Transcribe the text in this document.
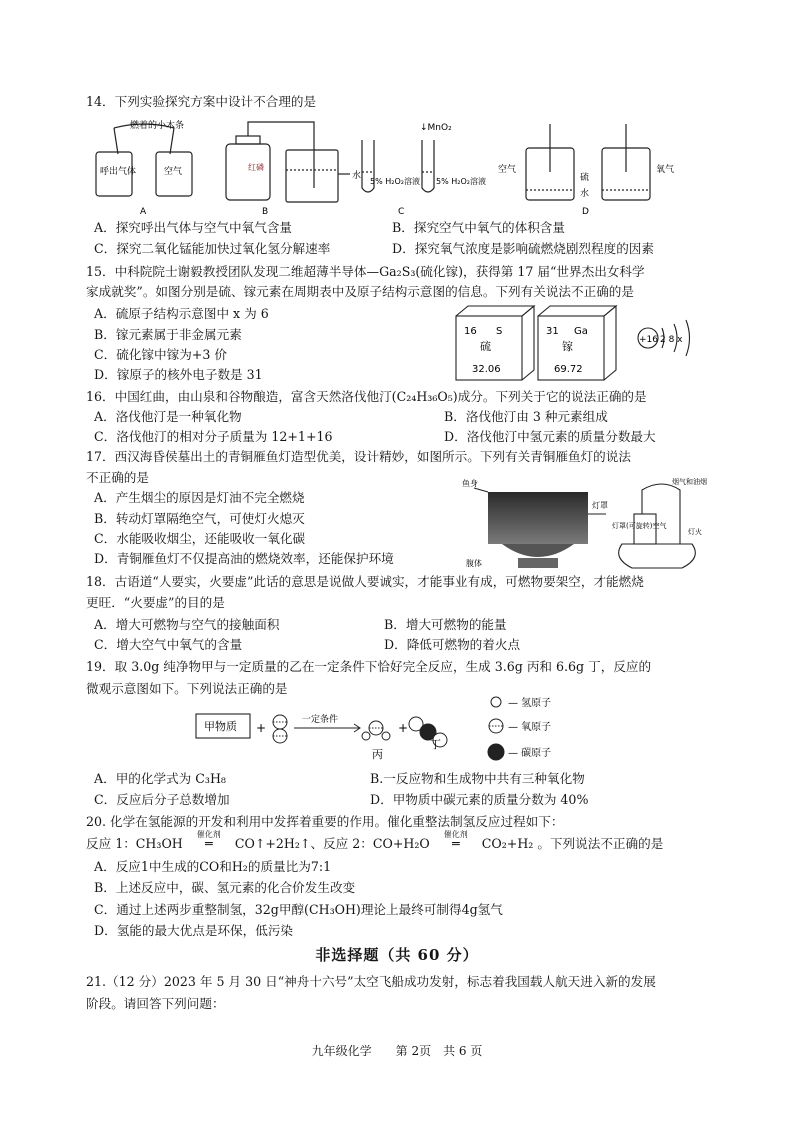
14．下列实验探究方案中设计不合理的是
燃着的小木条
呼出气体	空气
A
红磷
水
B
↓MnO₂
5% H₂O₂溶液 5% H₂O₂溶液
C
空气
硫
水
氧气
D
A．探究呼出气体与空气中氧气含量	B．探究空气中氧气的体积含量
C．探究二氧化锰能加快过氧化氢分解速率	D．探究氧气浓度是影响硫燃烧剧烈程度的因素
15．中科院院士谢毅教授团队发现二维超薄半导体—Ga₂S₃(硫化镓)，获得第 17 届“世界杰出女科学
家成就奖”。如图分别是硫、镓元素在周期表中及原子结构示意图的信息。下列有关说法不正确的是
A．硫原子结构示意图中 x 为 6
B．镓元素属于非金属元素
C．硫化镓中镓为+3 价
D．镓原子的核外电子数是 31
16 S
硫
32.06
31 Ga
镓
69.72
+16 2 8 x
16．中国红曲，由山泉和谷物酿造，富含天然洛伐他汀(C₂₄H₃₆O₅)成分。下列关于它的说法正确的是
A．洛伐他汀是一种氧化物	B．洛伐他汀由 3 种元素组成
C．洛伐他汀的相对分子质量为 12+1+16	D．洛伐他汀中氢元素的质量分数最大
17．西汉海昏侯墓出土的青铜雁鱼灯造型优美，设计精妙，如图所示。下列有关青铜雁鱼灯的说法
不正确的是
A．产生烟尘的原因是灯油不完全燃烧
B．转动灯罩隔绝空气，可使灯火熄灭
C．水能吸收烟尘，还能吸收一氧化碳
D．青铜雁鱼灯不仅提高油的燃烧效率，还能保护环境
鱼身
灯罩
腹体
烟气和油烟
灯罩(可旋转)空气
灯火
18．古语道“人要实，火要虚”此话的意思是说做人要诚实，才能事业有成，可燃物要架空，才能燃烧
更旺．“火要虚”的目的是
A．增大可燃物与空气的接触面积	B．增大可燃物的能量
C．增大空气中氧气的含量	D．降低可燃物的着火点
19．取 3.0g 纯净物甲与一定质量的乙在一定条件下恰好完全反应，生成 3.6g 丙和 6.6g 丁，反应的
微观示意图如下。下列说法正确的是
甲物质 +
一定条件
+
丙
丁
— 氢原子
— 氧原子
— 碳原子
A．甲的化学式为 C₃H₈	B.一反应物和生成物中共有三种氧化物
C．反应后分子总数增加	D．甲物质中碳元素的质量分数为 40%
20. 化学在氢能源的开发和利用中发挥着重要的作用。催化重整法制氢反应过程如下：
反应 1：CH₃OH
催化剂
═ CO↑+2H₂↑、反应 2：CO+H₂O
催化剂
═ CO₂+H₂ 。下列说法不正确的是
A．反应1中生成的CO和H₂的质量比为7:1
B．上述反应中，碳、氢元素的化合价发生改变
C．通过上述两步重整制氢，32g甲醇(CH₃OH)理论上最终可制得4g氢气
D．氢能的最大优点是环保，低污染
非选择题（共 60 分）
21.（12 分）2023 年 5 月 30 日“神舟十六号”太空飞船成功发射，标志着我国载人航天进入新的发展
阶段。请回答下列问题：
九年级化学　　第 2页　共 6 页
